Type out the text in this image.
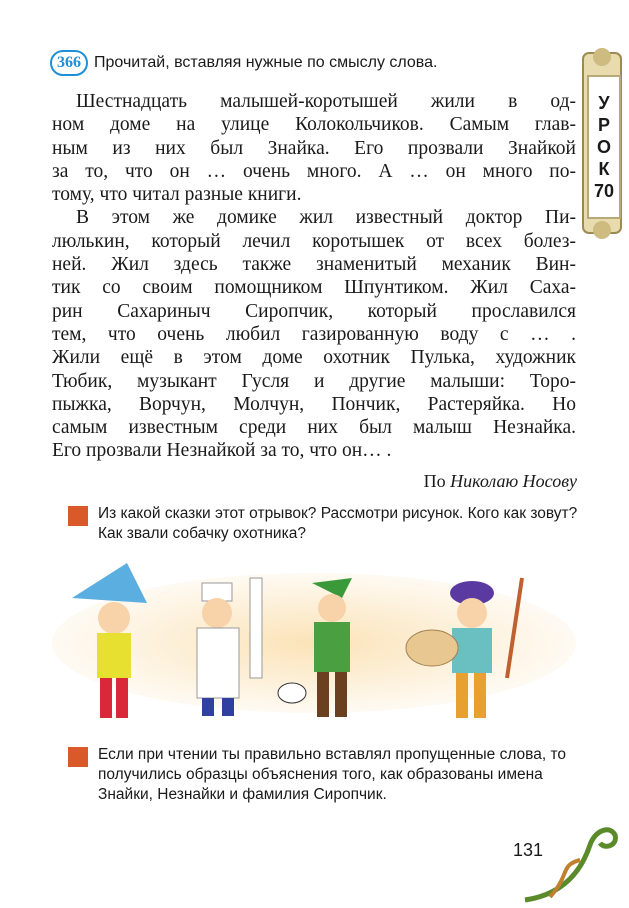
366 Прочитай, вставляя нужные по смыслу слова.
У
Р
О
К
70
Шестнадцать малышей-коротышей жили в од-
ном доме на улице Колокольчиков. Самым глав-
ным из них был Знайка. Его прозвали Знайкой
за то, что он … очень много. А … он много по-
тому, что читал разные книги.
В этом же домике жил известный доктор Пи-
люлькин, который лечил коротышек от всех болез-
ней. Жил здесь также знаменитый механик Вин-
тик со своим помощником Шпунтиком. Жил Саха-
рин Сахариныч Сиропчик, который прославился
тем, что очень любил газированную воду с … .
Жили ещё в этом доме охотник Пулька, художник
Тюбик, музыкант Гусля и другие малыши: Торо-
пыжка, Ворчун, Молчун, Пончик, Растеряйка. Но
самым известным среди них был малыш Незнайка.
Его прозвали Незнайкой за то, что он… .
По Николаю Носову
Из какой сказки этот отрывок? Рассмотри рисунок. Кого как зовут? Как звали собачку охотника?
Если при чтении ты правильно вставлял пропущенные слова, то получились образцы объяснения того, как образованы имена Знайки, Незнайки и фамилия Сиропчик.
131
